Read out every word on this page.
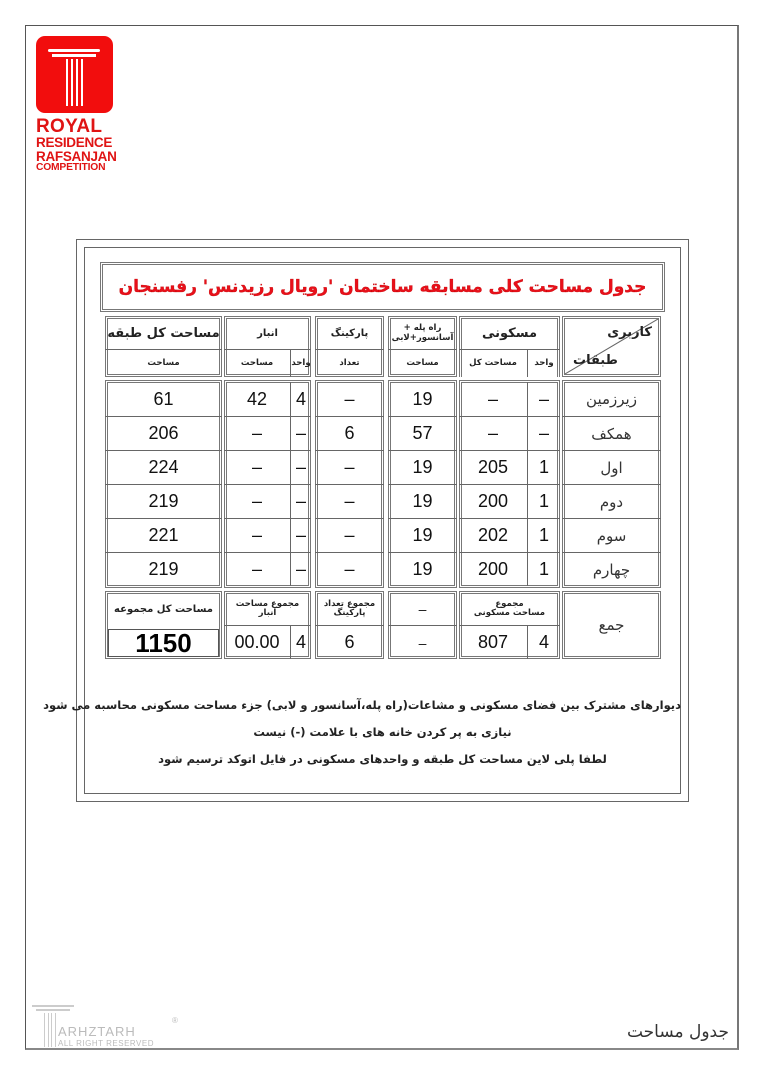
ROYAL
RESIDENCE
RAFSANJAN
COMPETITION
جدول مساحت کلی مسابقه ساختمان 'رویال رزیدنس' رفسنجان
کاربری
طبقات
مسکونی
واحد
مساحت کل
راه پله +
آسانسور+لابی
مساحت
پارکینگ
تعداد
انبار
واحد
مساحت
مساحت کل طبقه
مساحت
زیرزمین
–
–
19
–
4
42
61
همکف
–
–
57
6
–
–
206
اول
1
205
19
–
–
–
224
دوم
1
200
19
–
–
–
219
سوم
1
202
19
–
–
–
221
چهارم
1
200
19
–
–
–
219
جمع
مجموع
مساحت مسکونی
4
807
–
–
مجموع تعداد
پارکینگ
6
مجموع مساحت
انبار
4
00.00
مساحت کل مجموعه
1150
دیوارهای مشترک بین فضای مسکونی و مشاعات(راه پله،آسانسور و لابی) جزء مساحت مسکونی محاسبه می شود
نیازی به پر کردن خانه های با علامت (-) نیست
لطفا پلی لاین مساحت کل طبقه و واحدهای مسکونی در فایل اتوکد ترسیم شود
ARHZTARH
ALL RIGHT RESERVED
®
جدول مساحت
